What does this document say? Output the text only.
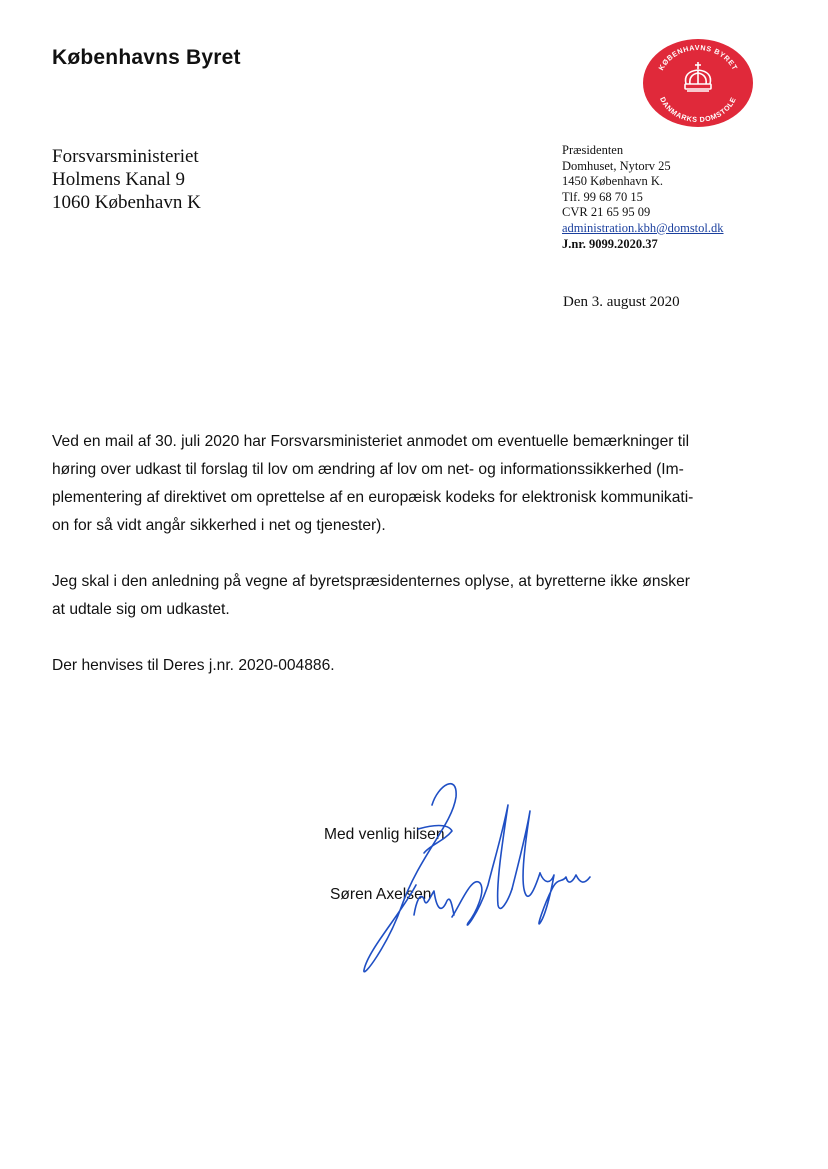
Københavns Byret	KØBENHAVNS BYRET
DANMARKS DOMSTOLE
Forsvarsministeriet
Holmens Kanal 9
1060 København K
Præsidenten
Domhuset, Nytorv 25
1450 København K.
Tlf. 99 68 70 15
CVR 21 65 95 09
administration.kbh@domstol.dk
J.nr. 9099.2020.37
Den 3. august 2020

Ved en mail af 30. juli 2020 har Forsvarsministeriet anmodet om eventuelle bemærkninger til
høring over udkast til forslag til lov om ændring af lov om net- og informationssikkerhed (Im-
plementering af direktivet om oprettelse af en europæisk kodeks for elektronisk kommunikati-
on for så vidt angår sikkerhed i net og tjenester).

Jeg skal i den anledning på vegne af byretspræsidenternes oplyse, at byretterne ikke ønsker
at udtale sig om udkastet.

Der henvises til Deres j.nr. 2020-004886.

Med venlig hilsen
Søren Axelsen
